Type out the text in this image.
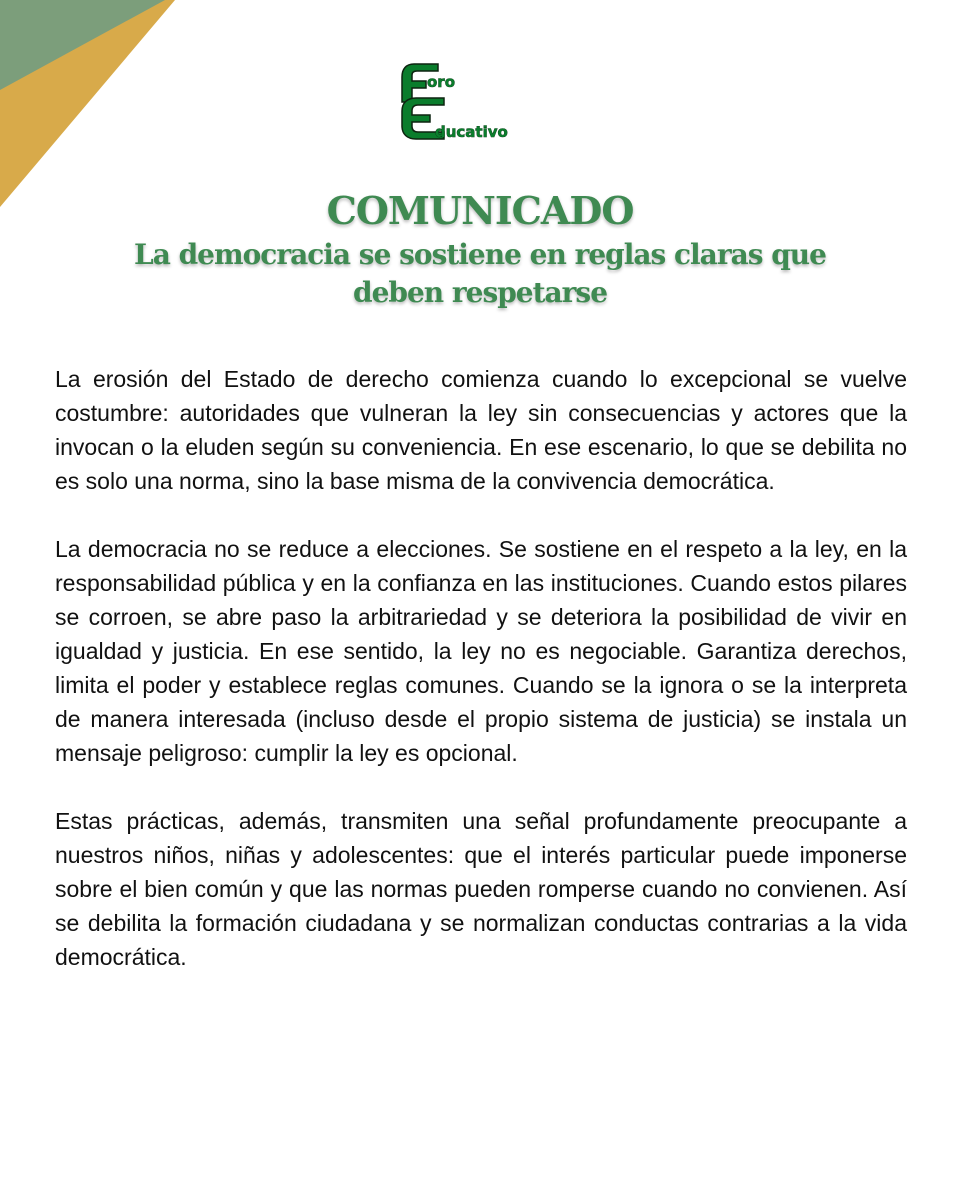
oro
ducativo
COMUNICADO
La democracia se sostiene en reglas claras que deben respetarse

La erosión del Estado de derecho comienza cuando lo excepcional se vuelve costumbre: autoridades que vulneran la ley sin consecuencias y actores que la invocan o la eluden según su conveniencia. En ese escenario, lo que se debilita no es solo una norma, sino la base misma de la convivencia democrática.

La democracia no se reduce a elecciones. Se sostiene en el respeto a la ley, en la responsabilidad pública y en la confianza en las instituciones. Cuando estos pilares se corroen, se abre paso la arbitrariedad y se deteriora la posibilidad de vivir en igualdad y justicia. En ese sentido, la ley no es negociable. Garantiza derechos, limita el poder y establece reglas comunes. Cuando se la ignora o se la interpreta de manera interesada (incluso desde el propio sistema de justicia) se instala un mensaje peligroso: cumplir la ley es opcional.

Estas prácticas, además, transmiten una señal profundamente preocupante a nuestros niños, niñas y adolescentes: que el interés particular puede imponerse sobre el bien común y que las normas pueden romperse cuando no convienen. Así se debilita la formación ciudadana y se normalizan conductas contrarias a la vida democrática.
